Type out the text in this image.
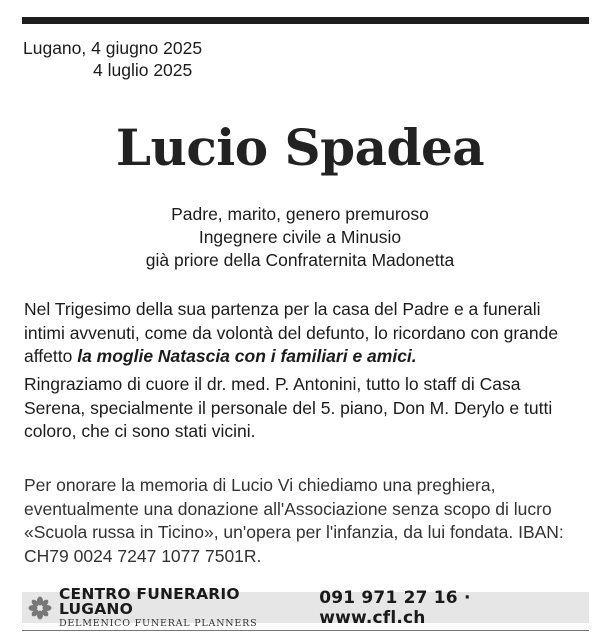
Lugano, 4 giugno 2025
4 luglio 2025
Lucio Spadea
Padre, marito, genero premuroso
Ingegnere civile a Minusio
già priore della Confraternita Madonetta
Nel Trigesimo della sua partenza per la casa del Padre e a funerali intimi avvenuti, come da volontà del defunto, lo ricordano con grande affetto la moglie Natascia con i familiari e amici.
Ringraziamo di cuore il dr. med. P. Antonini, tutto lo staff di Casa Serena, specialmente il personale del 5. piano, Don M. Derylo e tutti coloro, che ci sono stati vicini.
Per onorare la memoria di Lucio Vi chiediamo una preghiera, eventualmente una donazione all'Associazione senza scopo di lucro «Scuola russa in Ticino», un'opera per l'infanzia, da lui fondata. IBAN: CH79 0024 7247 1077 7501R.
CENTRO FUNERARIO LUGANO
DELMENICO FUNERAL PLANNERS
091 971 27 16 · www.cfl.ch
